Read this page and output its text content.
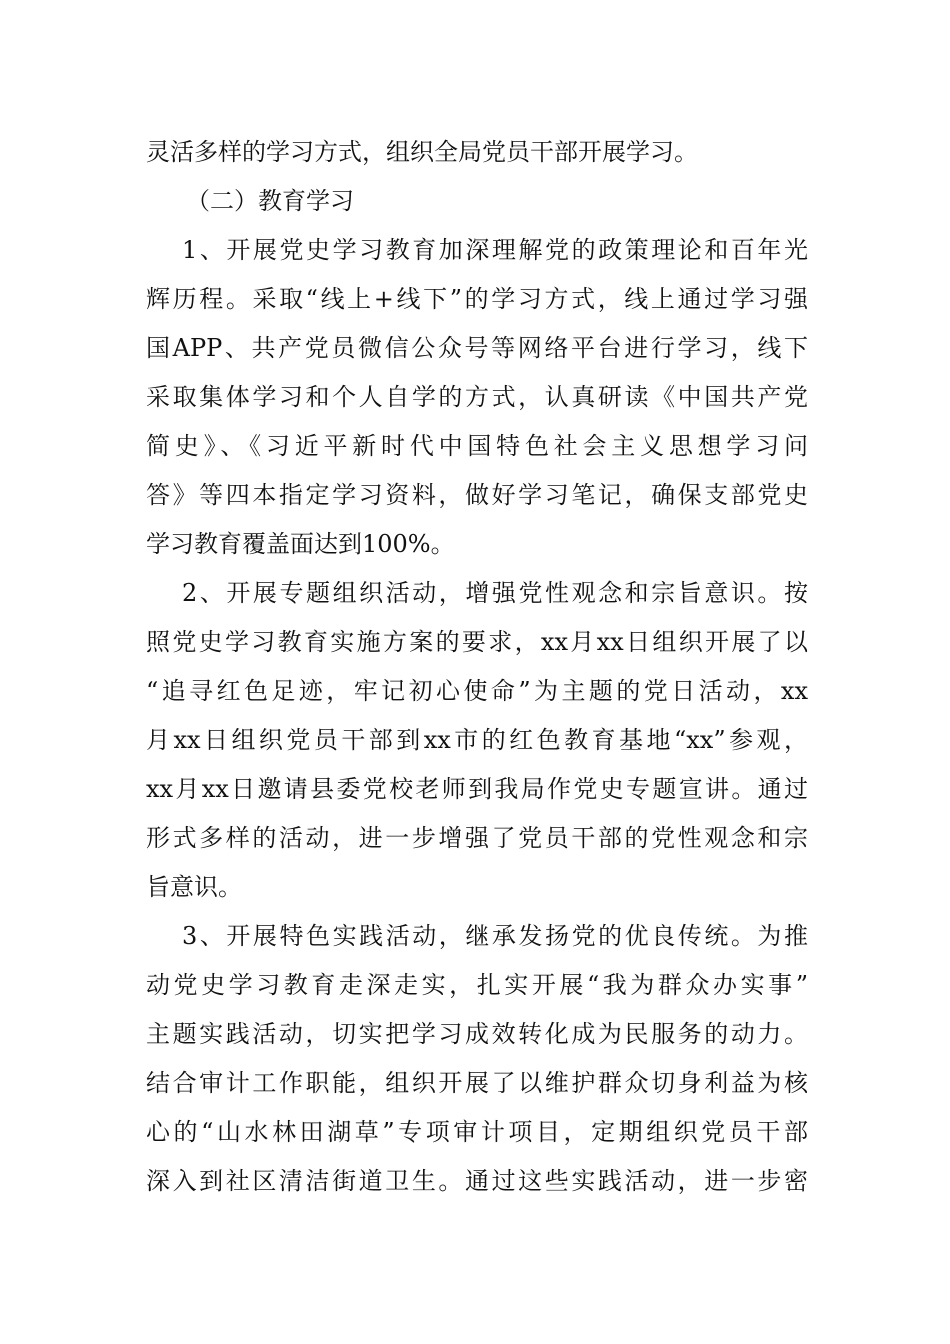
灵活多样的学习方式，组织全局党员干部开展学习。
（二）教育学习
1、开展党史学习教育加深理解党的政策理论和百年光
辉历程。采取“线上+线下”的学习方式，线上通过学习强
国APP、共产党员微信公众号等网络平台进行学习，线下
采取集体学习和个人自学的方式，认真研读《中国共产党
简史》、《习近平新时代中国特色社会主义思想学习问
答》等四本指定学习资料，做好学习笔记，确保支部党史
学习教育覆盖面达到100%。
2、开展专题组织活动，增强党性观念和宗旨意识。按
照党史学习教育实施方案的要求，xx月xx日组织开展了以
“追寻红色足迹，牢记初心使命”为主题的党日活动，xx
月xx日组织党员干部到xx市的红色教育基地“xx”参观，
xx月xx日邀请县委党校老师到我局作党史专题宣讲。通过
形式多样的活动，进一步增强了党员干部的党性观念和宗
旨意识。
3、开展特色实践活动，继承发扬党的优良传统。为推
动党史学习教育走深走实，扎实开展“我为群众办实事”
主题实践活动，切实把学习成效转化成为民服务的动力。
结合审计工作职能，组织开展了以维护群众切身利益为核
心的“山水林田湖草”专项审计项目，定期组织党员干部
深入到社区清洁街道卫生。通过这些实践活动，进一步密
